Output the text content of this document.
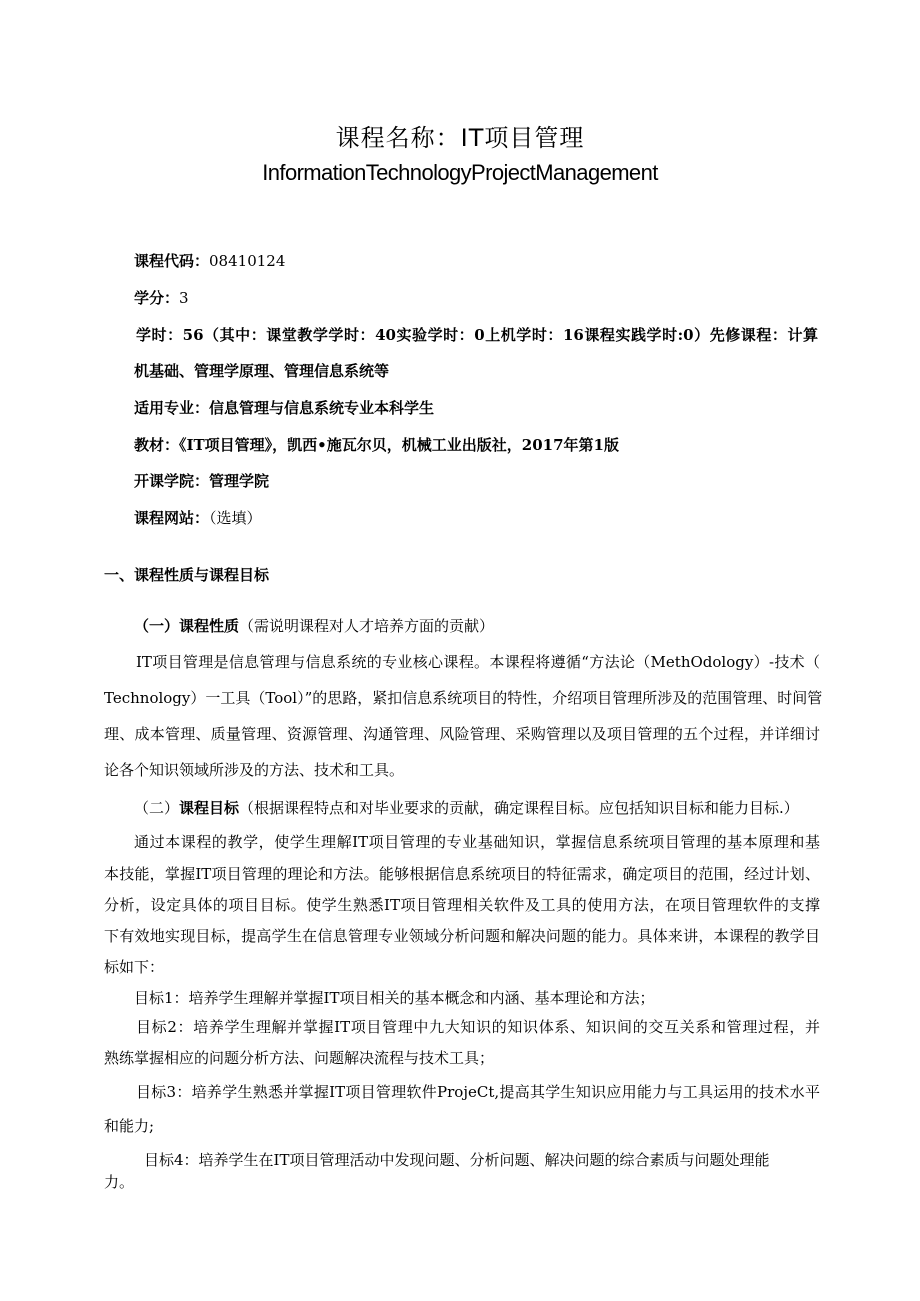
课程名称：IT项目管理
InformationTechnologyProjectManagement
课程代码：08410124
学分：3
学时：56（其中：课堂教学学时：40实验学时：0上机学时：16课程实践学时:0）先修课程：计算
机基础、管理学原理、管理信息系统等
适用专业：信息管理与信息系统专业本科学生
教材：《IT项目管理》，凯西•施瓦尔贝，机械工业出版社，2017年第1版
开课学院：管理学院
课程网站：（选填）
一、课程性质与课程目标
（一）课程性质（需说明课程对人才培养方面的贡献）
IT项目管理是信息管理与信息系统的专业核心课程。本课程将遵循“方法论（MethOdology）-技术（
Technology）一工具（Tool）”的思路，紧扣信息系统项目的特性，介绍项目管理所涉及的范围管理、时间管
理、成本管理、质量管理、资源管理、沟通管理、风险管理、采购管理以及项目管理的五个过程，并详细讨
论各个知识领域所涉及的方法、技术和工具。
（二）课程目标（根据课程特点和对毕业要求的贡献，确定课程目标。应包括知识目标和能力目标.）
通过本课程的教学，使学生理解IT项目管理的专业基础知识，掌握信息系统项目管理的基本原理和基
本技能，掌握IT项目管理的理论和方法。能够根据信息系统项目的特征需求，确定项目的范围，经过计划、
分析，设定具体的项目目标。使学生熟悉IT项目管理相关软件及工具的使用方法，在项目管理软件的支撑
下有效地实现目标，提高学生在信息管理专业领域分析问题和解决问题的能力。具体来讲，本课程的教学目
标如下：
目标1：培养学生理解并掌握IT项目相关的基本概念和内涵、基本理论和方法；
目标2：培养学生理解并掌握IT项目管理中九大知识的知识体系、知识间的交互关系和管理过程，并
熟练掌握相应的问题分析方法、问题解决流程与技术工具；
目标3：培养学生熟悉并掌握IT项目管理软件ProjeCt,提高其学生知识应用能力与工具运用的技术水平
和能力;
目标4：培养学生在IT项目管理活动中发现问题、分析问题、解决问题的综合素质与问题处理能
力。
